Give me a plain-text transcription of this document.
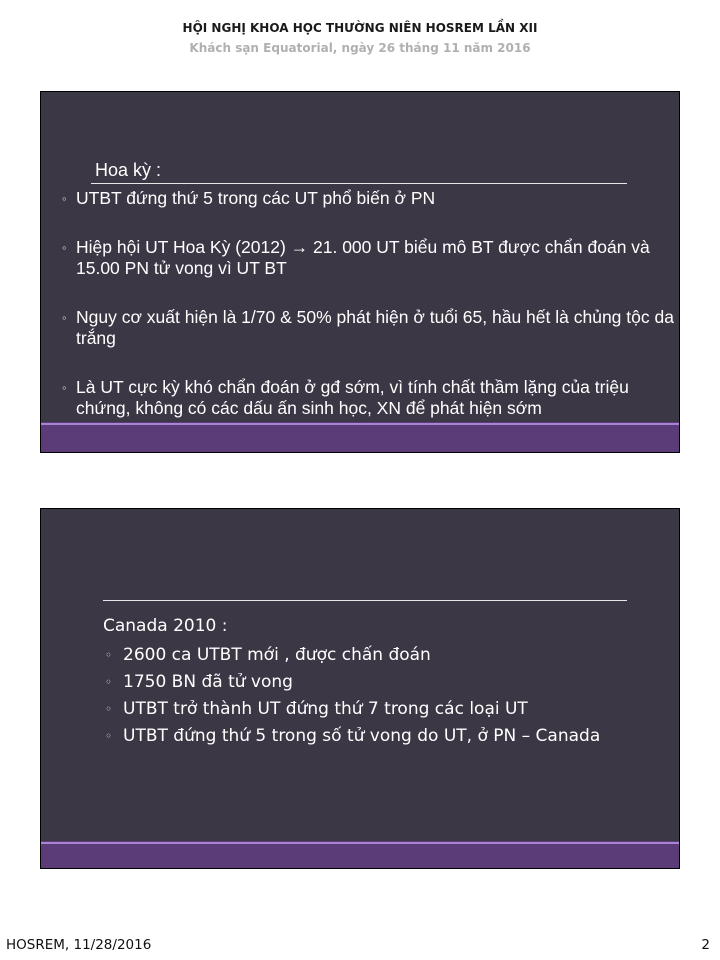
HỘI NGHỊ KHOA HỌC THƯỜNG NIÊN HOSREM LẦN XII
Khách sạn Equatorial, ngày 26 tháng 11 năm 2016
Hoa kỳ :
◦ UTBT đứng thứ 5 trong các UT phổ biến ở PN
◦ Hiệp hội UT Hoa Kỳ (2012) → 21. 000 UT biểu mô BT được chẩn đoán và 15.00 PN tử vong vì UT BT
◦ Nguy cơ xuất hiện là 1/70 & 50% phát hiện ở tuổi 65, hầu hết là chủng tộc da trắng
◦ Là UT cực kỳ khó chẩn đoán ở gđ sớm, vì tính chất thầm lặng của triệu chứng, không có các dấu ấn sinh học, XN để phát hiện sớm
Canada 2010 :
◦ 2600 ca UTBT mới , được chấn đoán
◦ 1750 BN đã tử vong
◦ UTBT trở thành UT đứng thứ 7 trong các loại UT
◦ UTBT đứng thứ 5 trong số tử vong do UT, ở PN – Canada
HOSREM, 11/28/2016	2
